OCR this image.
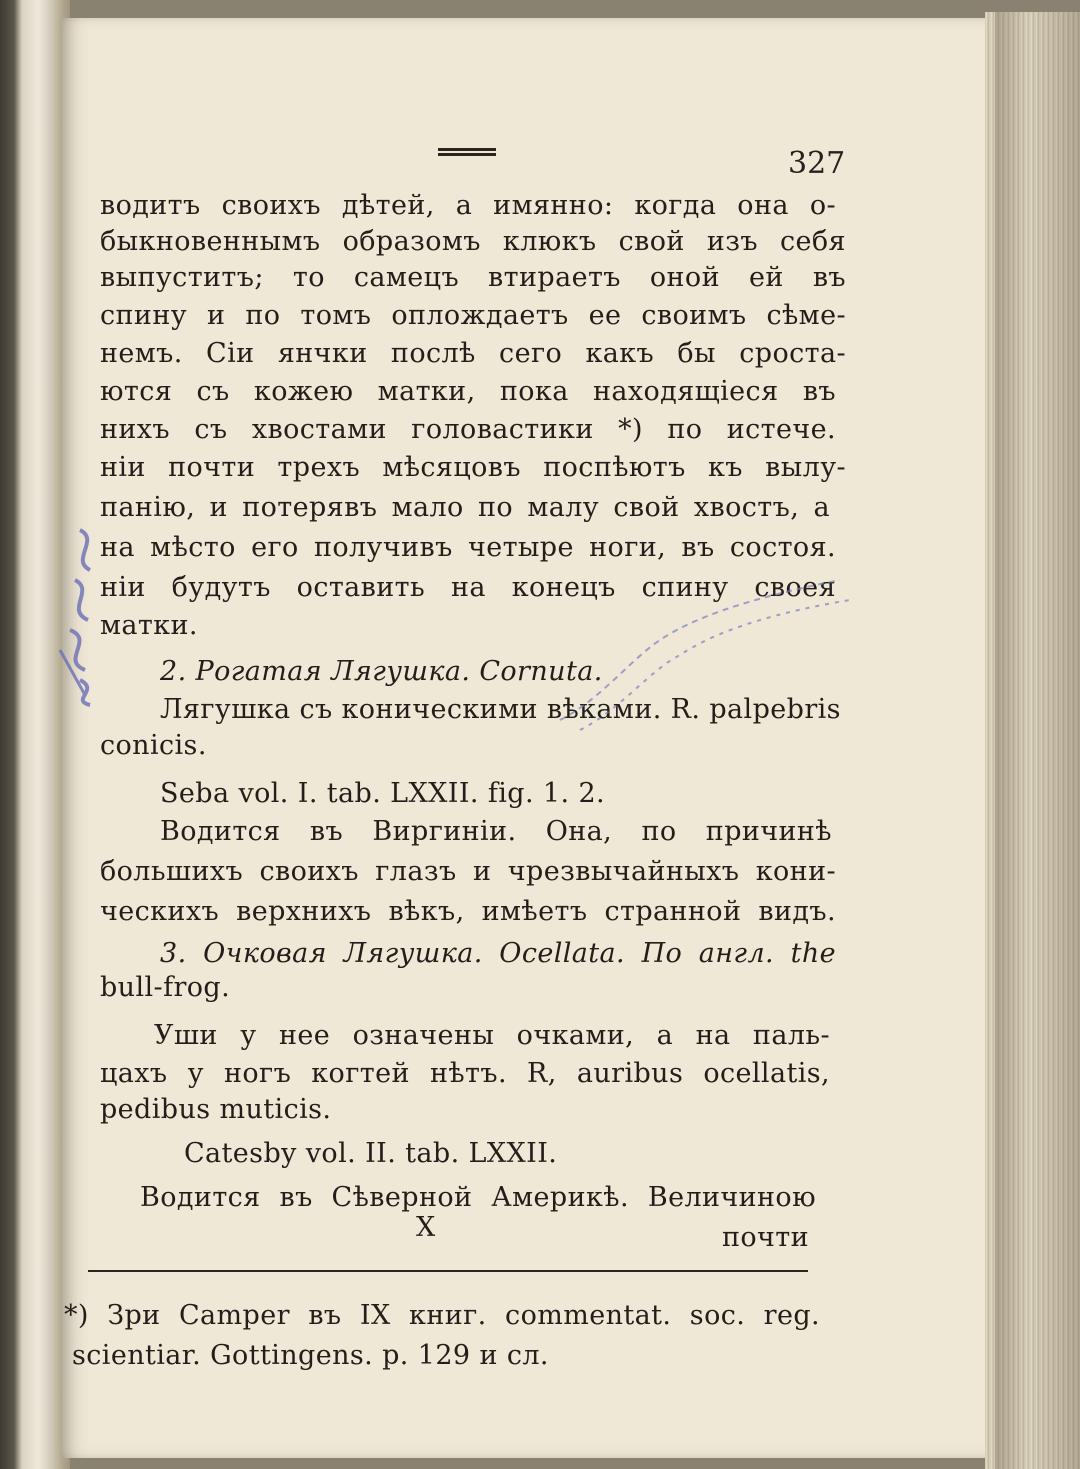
327
водитъ своихъ дѣтей, а имянно: когда она о-
быкновеннымъ образомъ клюкъ свой изъ себя
выпуститъ; то самецъ втираетъ оной ей въ
спину и по томъ оплождаетъ ее своимъ сѣме-
немъ. Сiи янчки послѣ сего какъ бы сроста-
ются съ кожею матки, пока находящiеся въ
нихъ съ хвостами головастики *) по истече.
нiи почти трехъ мѣсяцовъ поспѣютъ къ вылу-
панiю, и потерявъ мало по малу свой хвостъ, а
на мѣсто его получивъ четыре ноги, въ состоя.
нiи будутъ оставить на конецъ спину своея
матки.
2. Рогатая Лягушка. Cornuta.
Лягушка съ коническими вѣками. R. palpebris
conicis.
Seba vol. I. tab. LXXII. fig. 1. 2.
Водится въ Виргинiи. Она, по причинѣ
большихъ своихъ глазъ и чрезвычайныхъ кони-
ческихъ верхнихъ вѣкъ, имѣетъ странной видъ.
3. Очковая Лягушка. Ocellata. По англ. the
bull-frog.
Уши у нее означены очками, а на паль-
цахъ у ногъ когтей нѣтъ. R, auribus ocellatis,
pedibus muticis.
Catesby vol. II. tab. LXXII.
Водится въ Сѣверной Америкѣ. Величиною
X	почти
*) Зри Camper въ IX книг. commentat. soc. reg.
scientiar. Gottingens. p. 129 и сл.
